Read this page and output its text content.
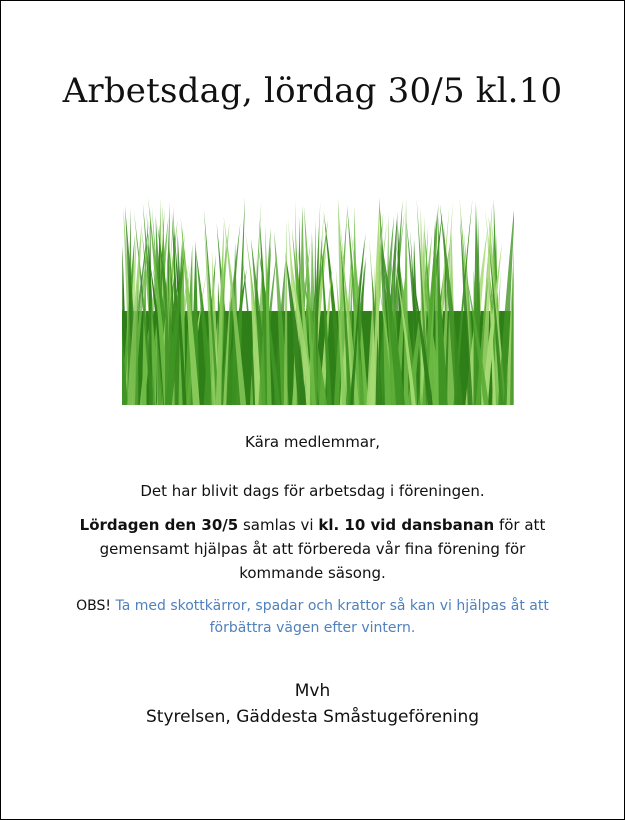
Arbetsdag, lördag 30/5 kl.10
Kära medlemmar,
Det har blivit dags för arbetsdag i föreningen.
Lördagen den 30/5 samlas vi kl. 10 vid dansbanan för att gemensamt hjälpas åt att förbereda vår fina förening för kommande säsong.
OBS! Ta med skottkärror, spadar och krattor så kan vi hjälpas åt att förbättra vägen efter vintern.
Mvh
Styrelsen, Gäddesta Småstugeförening
